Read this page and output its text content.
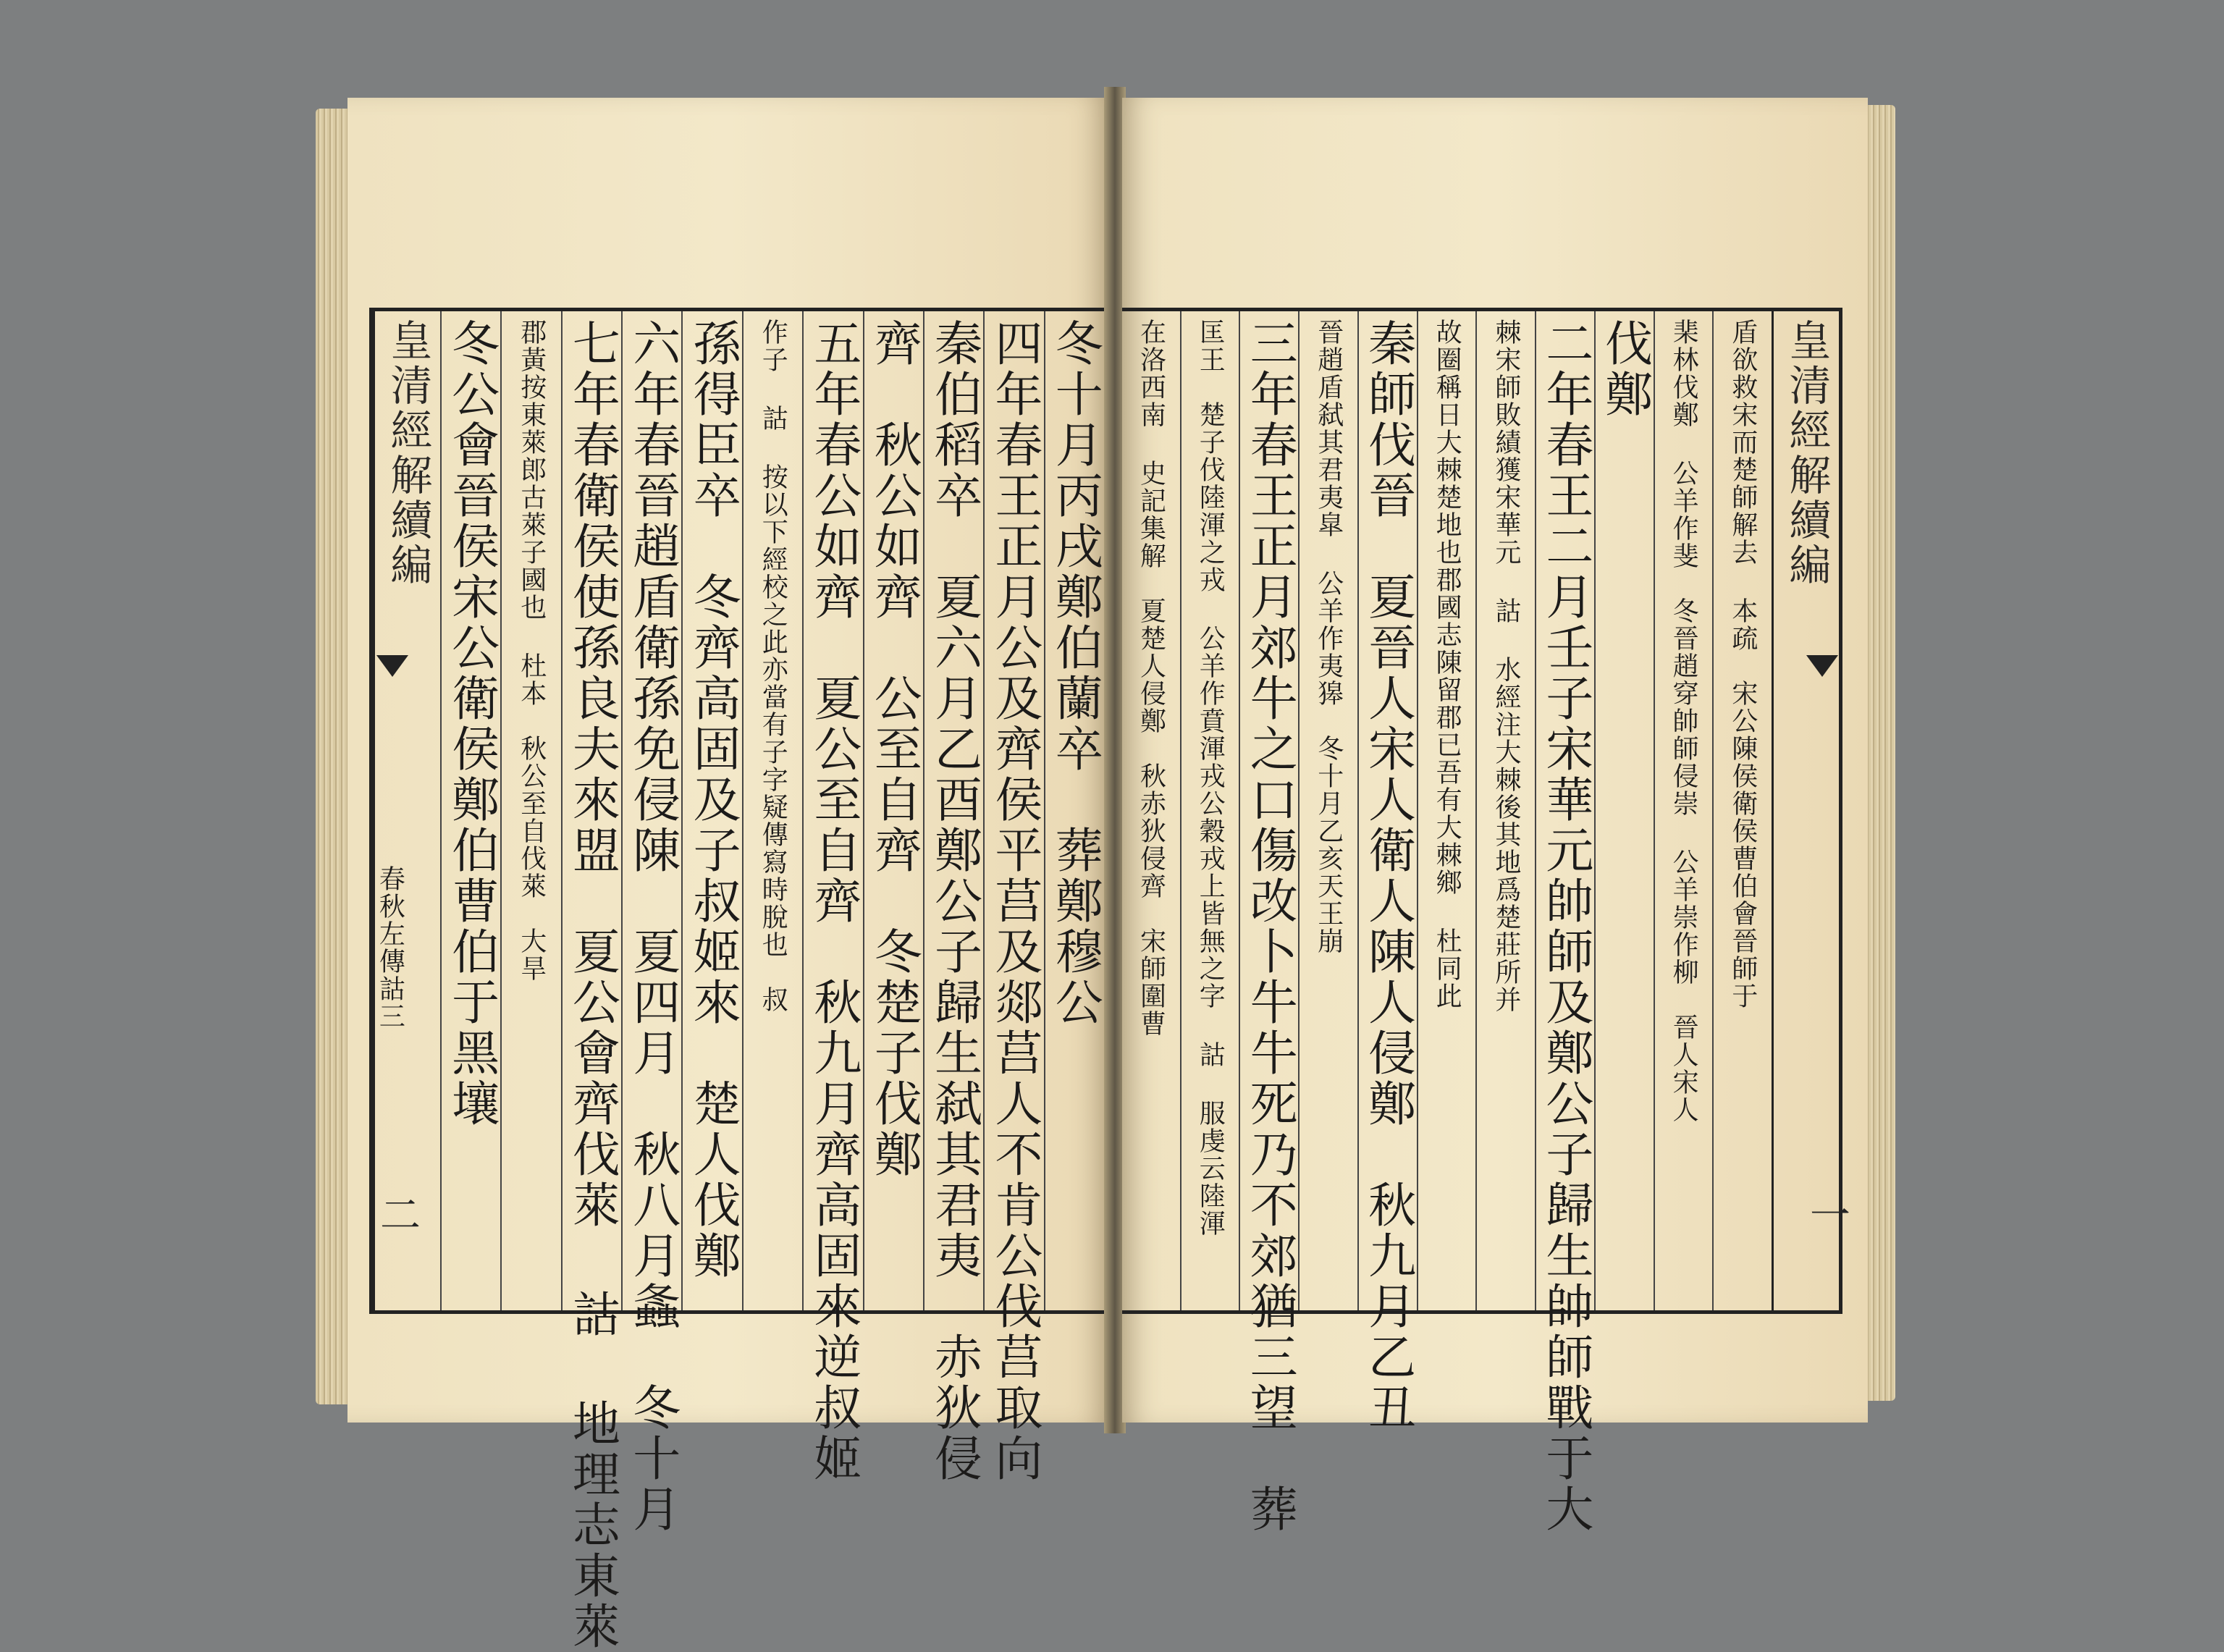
冬十月丙戌鄭伯蘭卒　葬鄭穆公
四年春王正月公及齊侯平莒及郯莒人不肯公伐莒取向
秦伯稻卒　夏六月乙酉鄭公子歸生弑其君夷　赤狄侵
齊　秋公如齊　公至自齊　冬楚子伐鄭
五年春公如齊　夏公至自齊　秋九月齊高固來逆叔姬
作子 詁 按以下經校之此亦當有子字疑傳寫時脫也　叔
孫得臣卒　冬齊高固及子叔姬來　楚人伐鄭
六年春晉趙盾衛孫免侵陳　夏四月　秋八月螽　冬十月
七年春衛侯使孫良夫來盟　夏公會齊伐萊 詁 地理志東萊
郡黃按東萊郎古萊子國也 杜本　秋公至自伐萊　大旱
冬公會晉侯宋公衛侯鄭伯曹伯于黑壤
皇清經解續編
春秋左傳詁三
二
皇清經解續編
盾欲救宋而楚師解去 本疏　宋公陳侯衛侯曹伯會晉師于
棐林伐鄭 公羊作斐　冬晉趙穿帥師侵崇 公羊崇作柳　晉人宋人
伐鄭
二年春王二月壬子宋華元帥師及鄭公子歸生帥師戰于大
棘宋師敗績獲宋華元 詁 水經注大棘後其地爲楚莊所并
故圈稱日大棘楚地也郡國志陳留郡已吾有大棘鄉 杜同此
秦師伐晉　夏晉人宋人衛人陳人侵鄭　秋九月乙丑
晉趙盾弑其君夷皐 公羊作夷獆　冬十月乙亥天王崩
三年春王正月郊牛之口傷改卜牛牛死乃不郊猶三望　葬
匡王　楚子伐陸渾之戎 公羊作賁渾戎公穀戎上皆無之字 詁 服虔云陸渾
在洛西南 史記集解　夏楚人侵鄭　秋赤狄侵齊　宋師圍曹
一
